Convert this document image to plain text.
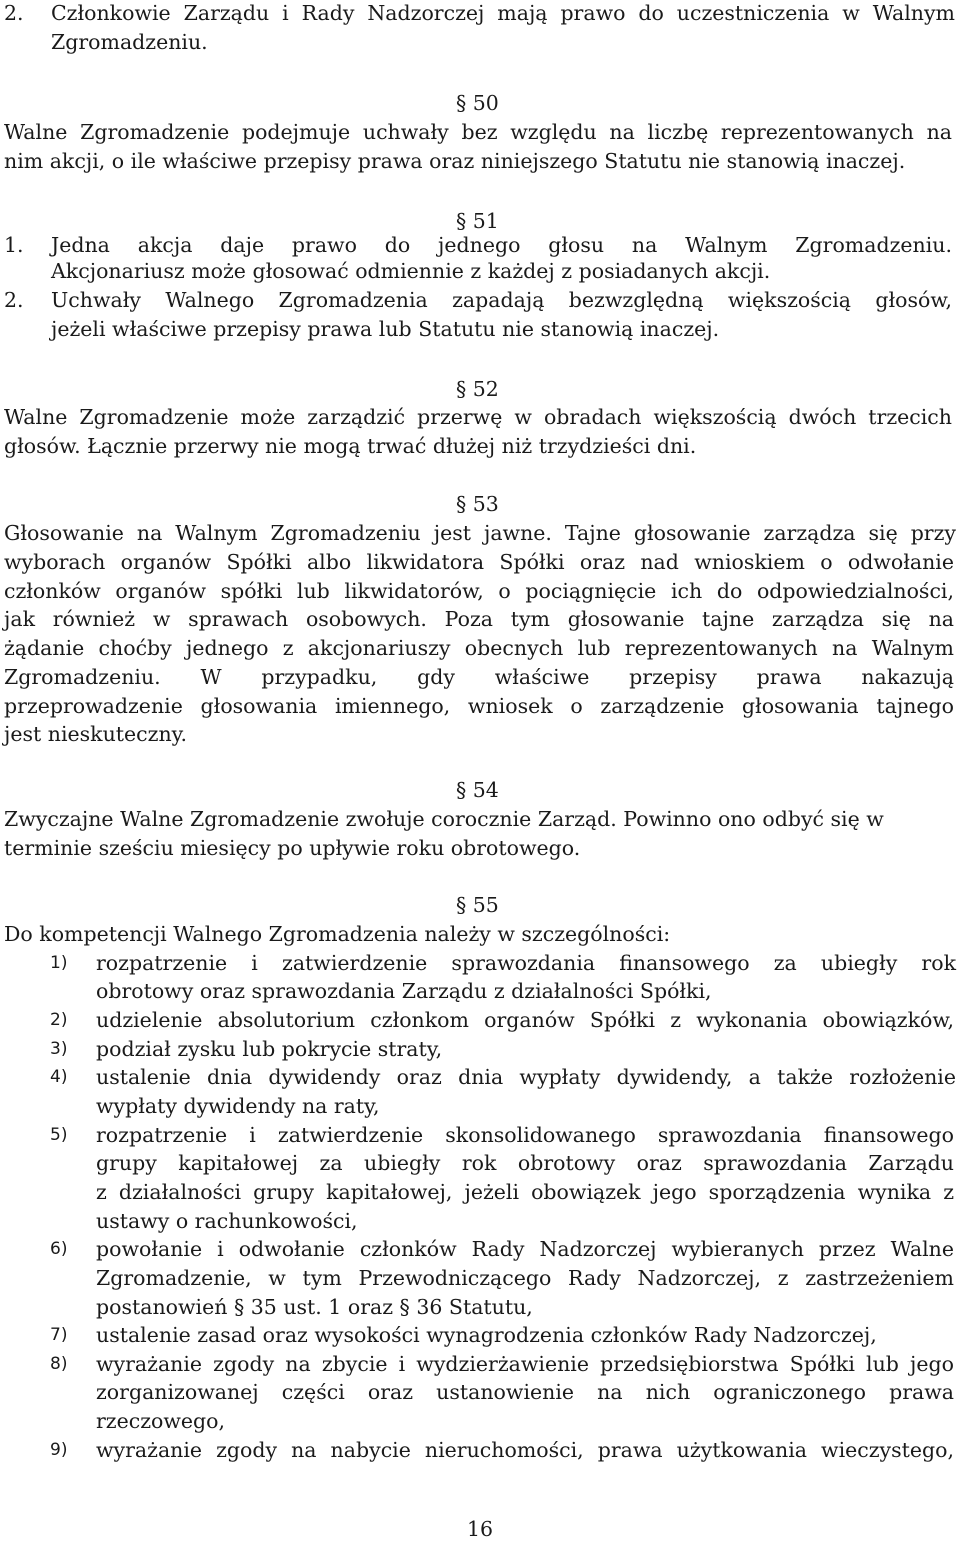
2. Członkowie Zarządu i Rady Nadzorczej mają prawo do uczestniczenia w Walnym
Zgromadzeniu.
§ 50
Walne Zgromadzenie podejmuje uchwały bez względu na liczbę reprezentowanych na
nim akcji, o ile właściwe przepisy prawa oraz niniejszego Statutu nie stanowią inaczej.
§ 51
1. Jedna akcja daje prawo do jednego głosu na Walnym Zgromadzeniu.
Akcjonariusz może głosować odmiennie z każdej z posiadanych akcji.
2. Uchwały Walnego Zgromadzenia zapadają bezwzględną większością głosów,
jeżeli właściwe przepisy prawa lub Statutu nie stanowią inaczej.
§ 52
Walne Zgromadzenie może zarządzić przerwę w obradach większością dwóch trzecich
głosów. Łącznie przerwy nie mogą trwać dłużej niż trzydzieści dni.
§ 53
Głosowanie na Walnym Zgromadzeniu jest jawne. Tajne głosowanie zarządza się przy
wyborach organów Spółki albo likwidatora Spółki oraz nad wnioskiem o odwołanie
członków organów spółki lub likwidatorów, o pociągnięcie ich do odpowiedzialności,
jak również w sprawach osobowych. Poza tym głosowanie tajne zarządza się na
żądanie choćby jednego z akcjonariuszy obecnych lub reprezentowanych na Walnym
Zgromadzeniu. W przypadku, gdy właściwe przepisy prawa nakazują
przeprowadzenie głosowania imiennego, wniosek o zarządzenie głosowania tajnego
jest nieskuteczny.
§ 54
Zwyczajne Walne Zgromadzenie zwołuje corocznie Zarząd. Powinno ono odbyć się w
terminie sześciu miesięcy po upływie roku obrotowego.
§ 55
Do kompetencji Walnego Zgromadzenia należy w szczególności:
1) rozpatrzenie i zatwierdzenie sprawozdania finansowego za ubiegły rok
obrotowy oraz sprawozdania Zarządu z działalności Spółki,
2) udzielenie absolutorium członkom organów Spółki z wykonania obowiązków,
3) podział zysku lub pokrycie straty,
4) ustalenie dnia dywidendy oraz dnia wypłaty dywidendy, a także rozłożenie
wypłaty dywidendy na raty,
5) rozpatrzenie i zatwierdzenie skonsolidowanego sprawozdania finansowego
grupy kapitałowej za ubiegły rok obrotowy oraz sprawozdania Zarządu
z działalności grupy kapitałowej, jeżeli obowiązek jego sporządzenia wynika z
ustawy o rachunkowości,
6) powołanie i odwołanie członków Rady Nadzorczej wybieranych przez Walne
Zgromadzenie, w tym Przewodniczącego Rady Nadzorczej, z zastrzeżeniem
postanowień § 35 ust. 1 oraz § 36 Statutu,
7) ustalenie zasad oraz wysokości wynagrodzenia członków Rady Nadzorczej,
8) wyrażanie zgody na zbycie i wydzierżawienie przedsiębiorstwa Spółki lub jego
zorganizowanej części oraz ustanowienie na nich ograniczonego prawa
rzeczowego,
9) wyrażanie zgody na nabycie nieruchomości, prawa użytkowania wieczystego,
16
